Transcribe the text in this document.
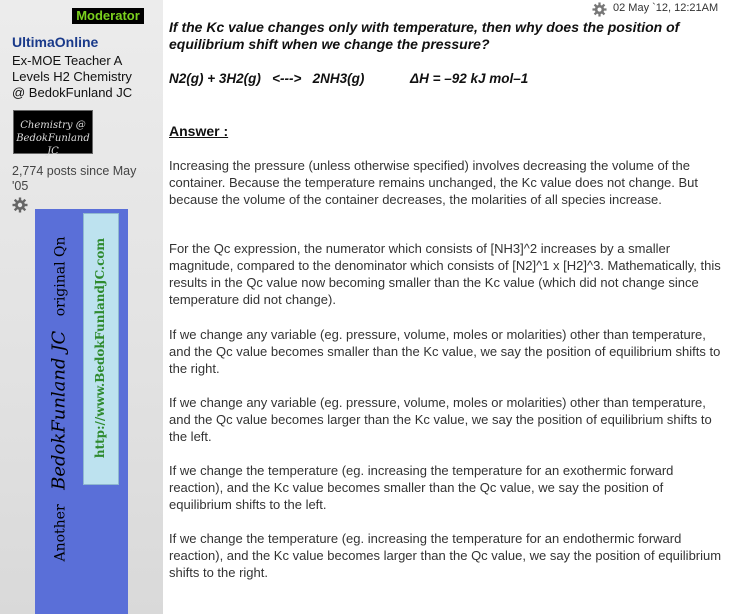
Moderator
UltimaOnline
Ex-MOE Teacher A
Levels H2 Chemistry
@ BedokFunland JC
Chemistry @
BedokFunland JC
2,774 posts since May '05
http://www.BedokFunlandJC.com
Another BedokFunland JC original Qn
02 May `12, 12:21AM
If the Kc value changes only with temperature, then why does the position of equilibrium shift when we change the pressure?
N2(g) + 3H2(g)   <--->   2NH3(g)	ΔH = –92 kJ mol–1
Answer :
Increasing the pressure (unless otherwise specified) involves decreasing the volume of the container. Because the temperature remains unchanged, the Kc value does not change. But because the volume of the container decreases, the molarities of all species increase.
For the Qc expression, the numerator which consists of [NH3]^2 increases by a smaller magnitude, compared to the denominator which consists of [N2]^1 x [H2]^3. Mathematically, this results in the Qc value now becoming smaller than the Kc value (which did not change since temperature did not change).
If we change any variable (eg. pressure, volume, moles or molarities) other than temperature, and the Qc value becomes smaller than the Kc value, we say the position of equilibrium shifts to the right.
If we change any variable (eg. pressure, volume, moles or molarities) other than temperature, and the Qc value becomes larger than the Kc value, we say the position of equilibrium shifts to the left.
If we change the temperature (eg. increasing the temperature for an exothermic forward reaction), and the Kc value becomes smaller than the Qc value, we say the position of equilibrium shifts to the left.
If we change the temperature (eg. increasing the temperature for an endothermic forward reaction), and the Kc value becomes larger than the Qc value, we say the position of equilibrium shifts to the right.
